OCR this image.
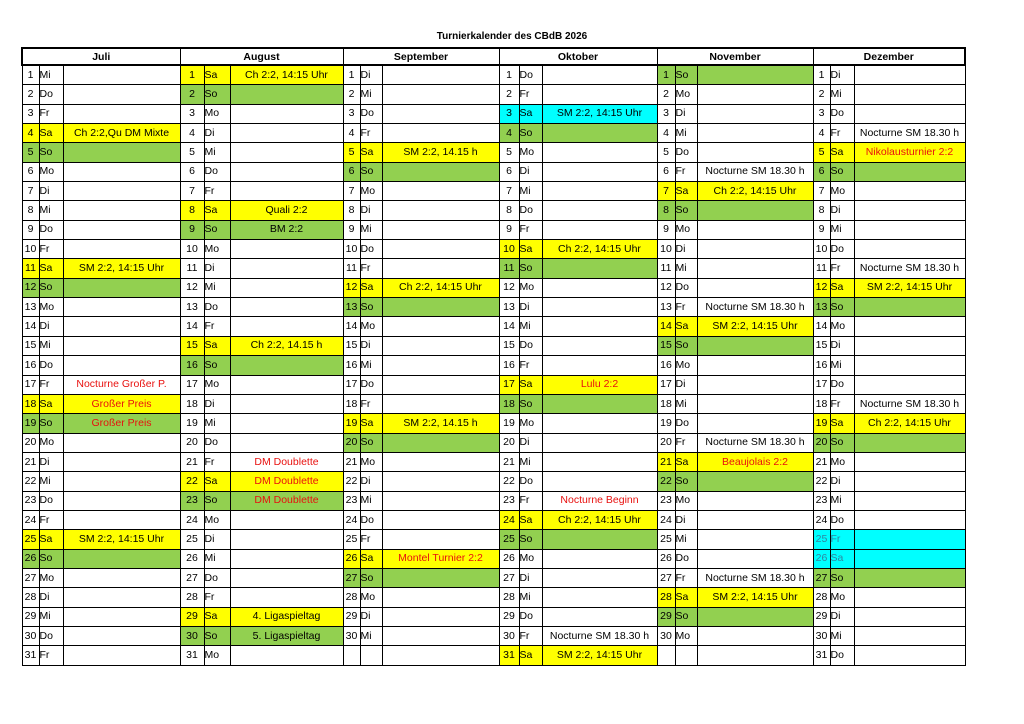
Turnierkalender des CBdB 2026
Juli			August			September			Oktober			November			Dezember		
1	Mi		1	Sa	Ch 2:2, 14:15 Uhr	1	Di		1	Do		1	So		1	Di	
2	Do		2	So		2	Mi		2	Fr		2	Mo		2	Mi	
3	Fr		3	Mo		3	Do		3	Sa	SM 2:2, 14:15 Uhr	3	Di		3	Do	
4	Sa	Ch 2:2,Qu DM Mixte	4	Di		4	Fr		4	So		4	Mi		4	Fr	Nocturne SM 18.30 h
5	So		5	Mi		5	Sa	SM 2:2, 14.15 h	5	Mo		5	Do		5	Sa	Nikolausturnier 2:2
6	Mo		6	Do		6	So		6	Di		6	Fr	Nocturne SM 18.30 h	6	So	
7	Di		7	Fr		7	Mo		7	Mi		7	Sa	Ch 2:2, 14:15 Uhr	7	Mo	
8	Mi		8	Sa	Quali 2:2	8	Di		8	Do		8	So		8	Di	
9	Do		9	So	BM 2:2	9	Mi		9	Fr		9	Mo		9	Mi	
10	Fr		10	Mo		10	Do		10	Sa	Ch 2:2, 14:15 Uhr	10	Di		10	Do	
11	Sa	SM 2:2, 14:15 Uhr	11	Di		11	Fr		11	So		11	Mi		11	Fr	Nocturne SM 18.30 h
12	So		12	Mi		12	Sa	Ch 2:2, 14:15 Uhr	12	Mo		12	Do		12	Sa	SM 2:2, 14:15 Uhr
13	Mo		13	Do		13	So		13	Di		13	Fr	Nocturne SM 18.30 h	13	So	
14	Di		14	Fr		14	Mo		14	Mi		14	Sa	SM 2:2, 14:15 Uhr	14	Mo	
15	Mi		15	Sa	Ch 2:2, 14.15 h	15	Di		15	Do		15	So		15	Di	
16	Do		16	So		16	Mi		16	Fr		16	Mo		16	Mi	
17	Fr	Nocturne Großer P.	17	Mo		17	Do		17	Sa	Lulu 2:2	17	Di		17	Do	
18	Sa	Großer Preis	18	Di		18	Fr		18	So		18	Mi		18	Fr	Nocturne SM 18.30 h
19	So	Großer Preis	19	Mi		19	Sa	SM 2:2, 14.15 h	19	Mo		19	Do		19	Sa	Ch 2:2, 14:15 Uhr
20	Mo		20	Do		20	So		20	Di		20	Fr	Nocturne SM 18.30 h	20	So	
21	Di		21	Fr	DM Doublette	21	Mo		21	Mi		21	Sa	Beaujolais 2:2	21	Mo	
22	Mi		22	Sa	DM Doublette	22	Di		22	Do		22	So		22	Di	
23	Do		23	So	DM Doublette	23	Mi		23	Fr	Nocturne Beginn	23	Mo		23	Mi	
24	Fr		24	Mo		24	Do		24	Sa	Ch 2:2, 14:15 Uhr	24	Di		24	Do	
25	Sa	SM 2:2, 14:15 Uhr	25	Di		25	Fr		25	So		25	Mi		25	Fr	
26	So		26	Mi		26	Sa	Montel Turnier 2:2	26	Mo		26	Do		26	Sa	
27	Mo		27	Do		27	So		27	Di		27	Fr	Nocturne SM 18.30 h	27	So	
28	Di		28	Fr		28	Mo		28	Mi		28	Sa	SM 2:2, 14:15 Uhr	28	Mo	
29	Mi		29	Sa	4. Ligaspieltag	29	Di		29	Do		29	So		29	Di	
30	Do		30	So	5. Ligaspieltag	30	Mi		30	Fr	Nocturne SM 18.30 h	30	Mo		30	Mi	
31	Fr		31	Mo					31	Sa	SM 2:2, 14:15 Uhr				31	Do	
